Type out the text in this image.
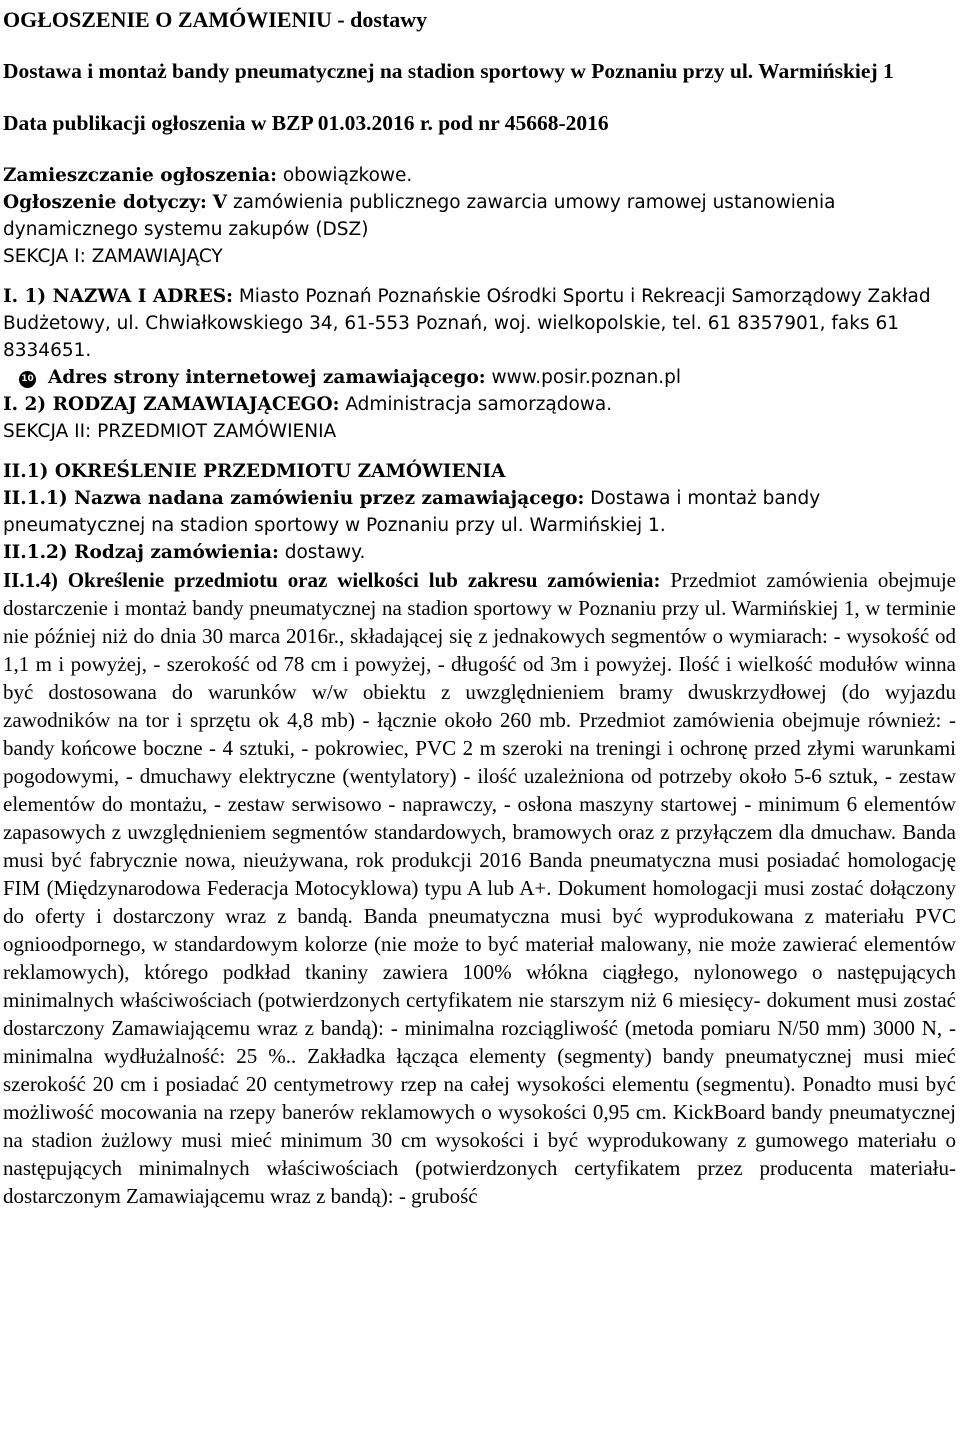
OGŁOSZENIE O ZAMÓWIENIU - dostawy

Dostawa i montaż bandy pneumatycznej na stadion sportowy w Poznaniu przy ul. Warmińskiej 1

Data publikacji ogłoszenia w BZP 01.03.2016 r. pod nr 45668-2016

Zamieszczanie ogłoszenia: obowiązkowe.

Ogłoszenie dotyczy: V zamówienia publicznego zawarcia umowy ramowej ustanowienia dynamicznego systemu zakupów (DSZ)

SEKCJA I: ZAMAWIAJĄCY

I. 1) NAZWA I ADRES: Miasto Poznań Poznańskie Ośrodki Sportu i Rekreacji Samorządowy Zakład Budżetowy, ul. Chwiałkowskiego 34, 61-553 Poznań, woj. wielkopolskie, tel. 61 8357901, faks 61 8334651.

10 Adres strony internetowej zamawiającego: www.posir.poznan.pl

I. 2) RODZAJ ZAMAWIAJĄCEGO: Administracja samorządowa.

SEKCJA II: PRZEDMIOT ZAMÓWIENIA

II.1) OKREŚLENIE PRZEDMIOTU ZAMÓWIENIA

II.1.1) Nazwa nadana zamówieniu przez zamawiającego: Dostawa i montaż bandy pneumatycznej na stadion sportowy w Poznaniu przy ul. Warmińskiej 1.

II.1.2) Rodzaj zamówienia: dostawy.

II.1.4) Określenie przedmiotu oraz wielkości lub zakresu zamówienia: Przedmiot zamówienia obejmuje dostarczenie i montaż bandy pneumatycznej na stadion sportowy w Poznaniu przy ul. Warmińskiej 1, w terminie nie później niż do dnia 30 marca 2016r., składającej się z jednakowych segmentów o wymiarach: - wysokość od 1,1 m i powyżej, - szerokość od 78 cm i powyżej, - długość od 3m i powyżej. Ilość i wielkość modułów winna być dostosowana do warunków w/w obiektu z uwzględnieniem bramy dwuskrzydłowej (do wyjazdu zawodników na tor i sprzętu ok 4,8 mb) - łącznie około 260 mb. Przedmiot zamówienia obejmuje również: - bandy końcowe boczne - 4 sztuki, - pokrowiec, PVC 2 m szeroki na treningi i ochronę przed złymi warunkami pogodowymi, - dmuchawy elektryczne (wentylatory) - ilość uzależniona od potrzeby około 5-6 sztuk, - zestaw elementów do montażu, - zestaw serwisowo - naprawczy, - osłona maszyny startowej - minimum 6 elementów zapasowych z uwzględnieniem segmentów standardowych, bramowych oraz z przyłączem dla dmuchaw. Banda musi być fabrycznie nowa, nieużywana, rok produkcji 2016 Banda pneumatyczna musi posiadać homologację FIM (Międzynarodowa Federacja Motocyklowa) typu A lub A+. Dokument homologacji musi zostać dołączony do oferty i dostarczony wraz z bandą. Banda pneumatyczna musi być wyprodukowana z materiału PVC ognioodpornego, w standardowym kolorze (nie może to być materiał malowany, nie może zawierać elementów reklamowych), którego podkład tkaniny zawiera 100% włókna ciągłego, nylonowego o następujących minimalnych właściwościach (potwierdzonych certyfikatem nie starszym niż 6 miesięcy- dokument musi zostać dostarczony Zamawiającemu wraz z bandą): - minimalna rozciągliwość (metoda pomiaru N/50 mm) 3000 N, - minimalna wydłużalność: 25 %.. Zakładka łącząca elementy (segmenty) bandy pneumatycznej musi mieć szerokość 20 cm i posiadać 20 centymetrowy rzep na całej wysokości elementu (segmentu). Ponadto musi być możliwość mocowania na rzepy banerów reklamowych o wysokości 0,95 cm. KickBoard bandy pneumatycznej na stadion żużlowy musi mieć minimum 30 cm wysokości i być wyprodukowany z gumowego materiału o następujących minimalnych właściwościach (potwierdzonych certyfikatem przez producenta materiału- dostarczonym Zamawiającemu wraz z bandą): - grubość
